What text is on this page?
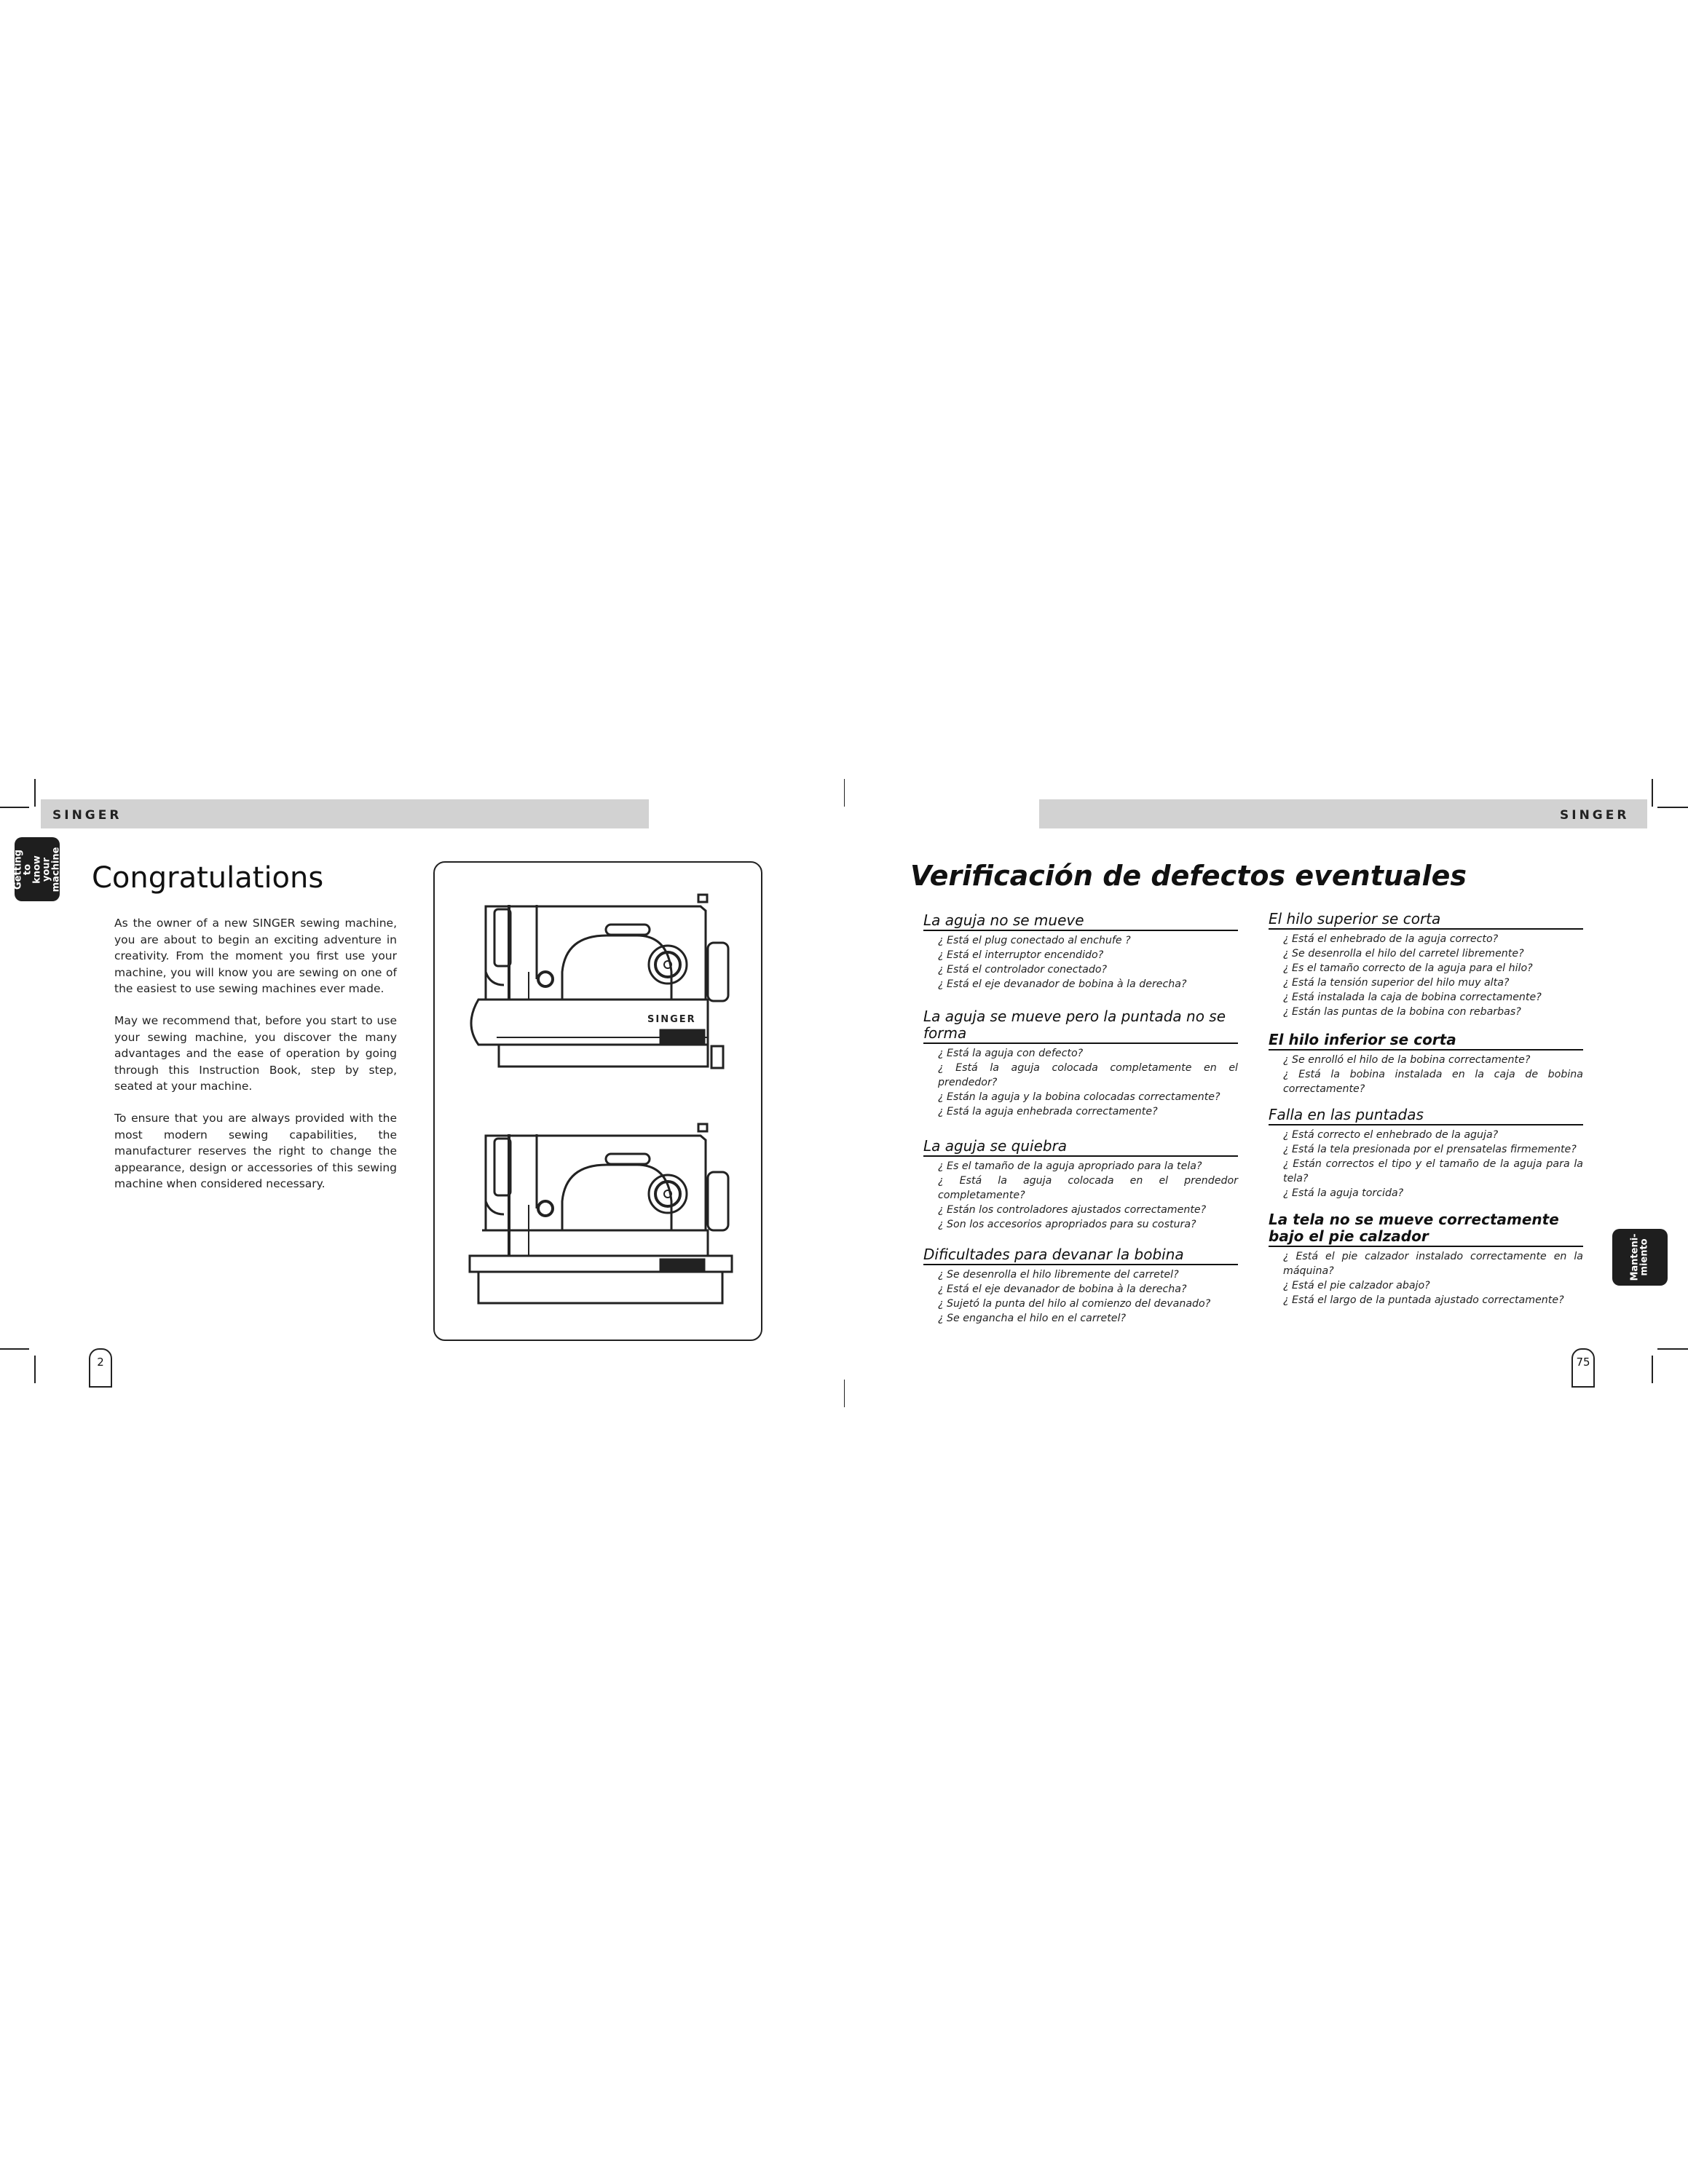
SINGER
Getting to
know your
machine Congratulations
As the owner of a new SINGER sewing machine, you are about to begin an exciting adventure in creativity. From the moment you first use your machine, you will know you are sewing on one of the easiest to use sewing machines ever made.
May we recommend that, before you start to use your sewing machine, you discover the many advantages and the ease of operation by going through this Instruction Book, step by step, seated at your machine.
To ensure that you are always provided with the most modern sewing capabilities, the manufacturer reserves the right to change the appearance, design or accessories of this sewing machine when considered necessary.
SINGER
2
SINGER
Verificación de defectos eventuales
La aguja no se mueve
¿ Está el plug conectado al enchufe ?
¿ Está el interruptor encendido?
¿ Está el controlador conectado?
¿ Está el eje devanador de bobina à la derecha?
La aguja se mueve pero la puntada no se forma
¿ Está la aguja con defecto?
¿ Está la aguja colocada completamente en el prendedor?
¿ Están la aguja y la bobina colocadas correctamente?
¿ Está la aguja enhebrada correctamente?
La aguja se quiebra
¿ Es el tamaño de la aguja apropriado para la tela?
¿ Está la aguja colocada en el prendedor completamente?
¿ Están los controladores ajustados correctamente?
¿ Son los accesorios apropriados para su costura?
Dificultades para devanar la bobina
¿ Se desenrolla el hilo libremente del carretel?
¿ Está el eje devanador de bobina à la derecha?
¿ Sujetó la punta del hilo al comienzo del devanado?
¿ Se engancha el hilo en el carretel?
El hilo superior se corta
¿ Está el enhebrado de la aguja correcto?
¿ Se desenrolla el hilo del carretel libremente?
¿ Es el tamaño correcto de la aguja para el hilo?
¿ Está la tensión superior del hilo muy alta?
¿ Está instalada la caja de bobina correctamente?
¿ Están las puntas de la bobina con rebarbas?
El hilo inferior se corta
¿ Se enrolló el hilo de la bobina correctamente?
¿ Está la bobina instalada en la caja de bobina correctamente?
Falla en las puntadas
¿ Está correcto el enhebrado de la aguja?
¿ Está la tela presionada por el prensatelas firmemente?
¿ Están correctos el tipo y el tamaño de la aguja para la tela?
¿ Está la aguja torcida?
La tela no se mueve correctamente bajo el pie calzador
¿ Está el pie calzador instalado correctamente en la máquina?
¿ Está el pie calzador abajo?
¿ Está el largo de la puntada ajustado correctamente?
Manteni-
miento
75
